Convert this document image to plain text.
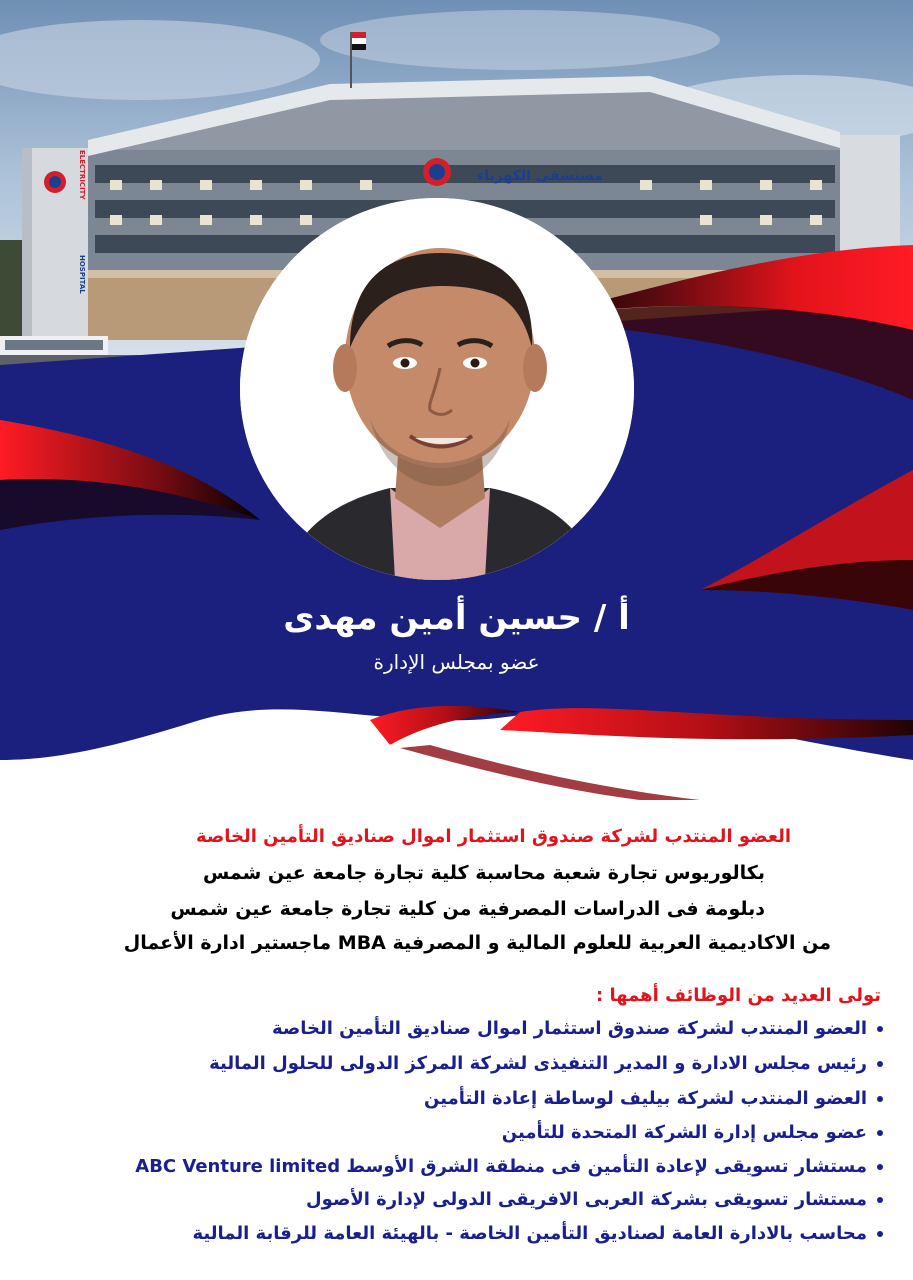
ELECTRICITY
HOSPITAL
مستشفى الكهرباء
أ / حسين أمين مهدى
عضو بمجلس الإدارة
العضو المنتدب لشركة صندوق استثمار اموال صناديق التأمين الخاصة
بكالوريوس تجارة شعبة محاسبة كلية تجارة جامعة عين شمس
دبلومة فى الدراسات المصرفية من كلية تجارة جامعة عين شمس
من الاكاديمية العربية للعلوم المالية و المصرفية MBA ماجستير ادارة الأعمال
تولى العديد من الوظائف أهمها :
العضو المنتدب لشركة صندوق استثمار اموال صناديق التأمين الخاصة
رئيس مجلس الادارة و المدير التنفيذى لشركة المركز الدولى للحلول المالية
العضو المنتدب لشركة بيليف لوساطة إعادة التأمين
عضو مجلس إدارة الشركة المتحدة للتأمين
مستشار تسويقى لإعادة التأمين فى منطقة الشرق الأوسط ABC Venture limited
مستشار تسويقى بشركة العربى الافريقى الدولى لإدارة الأصول
محاسب بالادارة العامة لصناديق التأمين الخاصة - بالهيئة العامة للرقابة المالية
